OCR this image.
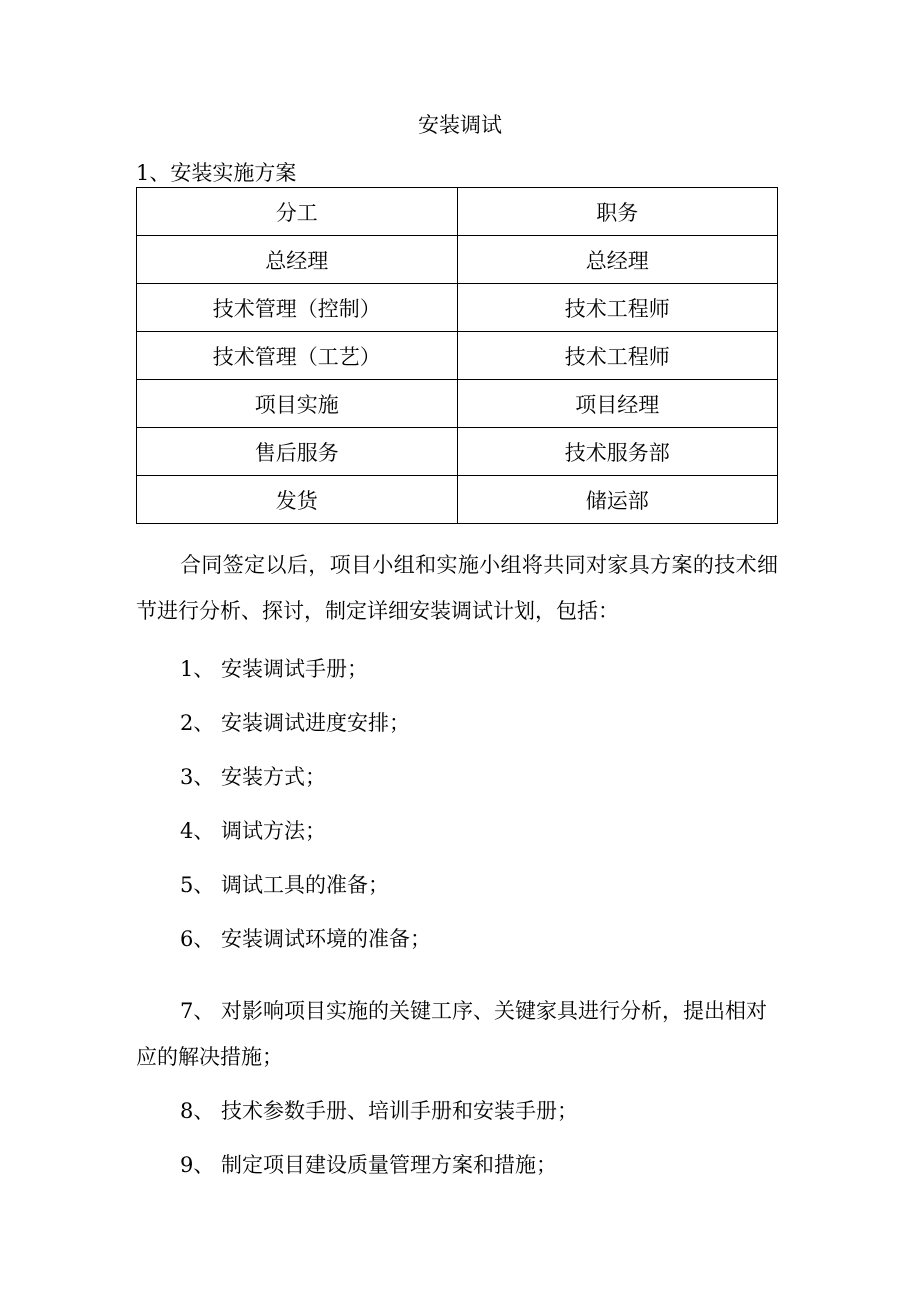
安装调试
1、安装实施方案
分工	职务
总经理	总经理
技术管理（控制）	技术工程师
技术管理（工艺）	技术工程师
项目实施	项目经理
售后服务	技术服务部
发货	储运部
合同签定以后，项目小组和实施小组将共同对家具方案的技术细节进行分析、探讨，制定详细安装调试计划，包括：
1、 安装调试手册；
2、 安装调试进度安排；
3、 安装方式；
4、 调试方法；
5、 调试工具的准备；
6、 安装调试环境的准备；
7、 对影响项目实施的关键工序、关键家具进行分析，提出相对应的解决措施；
8、 技术参数手册、培训手册和安装手册；
9、 制定项目建设质量管理方案和措施；
